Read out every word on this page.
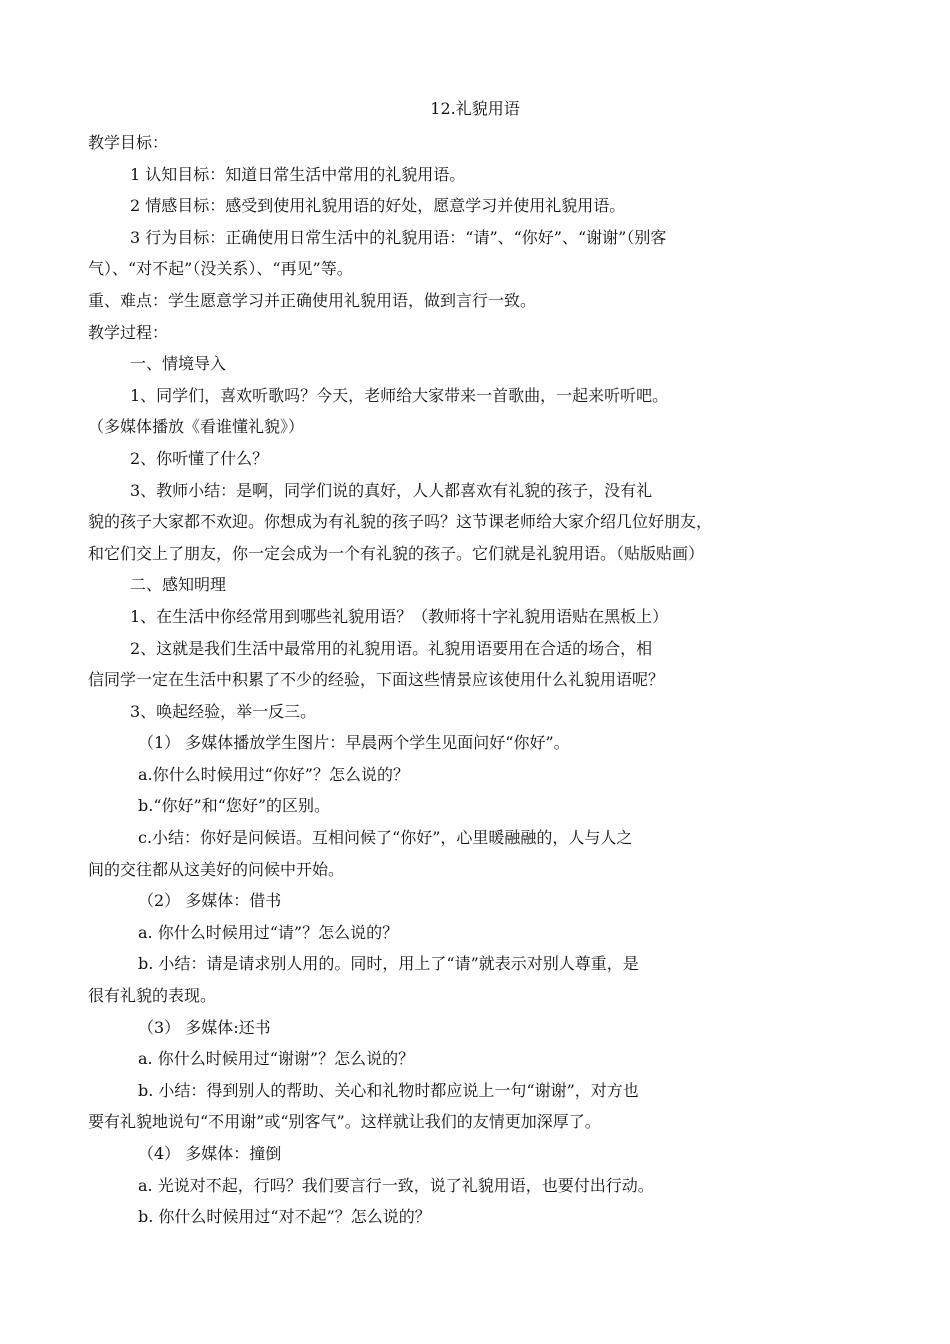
12.礼貌用语
教学目标：
1 认知目标：知道日常生活中常用的礼貌用语。
2 情感目标：感受到使用礼貌用语的好处，愿意学习并使用礼貌用语。
3 行为目标：正确使用日常生活中的礼貌用语：“请”、“你好”、“谢谢”（别客
气）、“对不起”（没关系）、“再见”等。
重、难点：学生愿意学习并正确使用礼貌用语，做到言行一致。
教学过程：
一、情境导入
1、同学们，喜欢听歌吗？今天，老师给大家带来一首歌曲，一起来听听吧。
（多媒体播放《看谁懂礼貌》）
2、你听懂了什么？
3、教师小结：是啊，同学们说的真好，人人都喜欢有礼貌的孩子，没有礼
貌的孩子大家都不欢迎。你想成为有礼貌的孩子吗？这节课老师给大家介绍几位好朋友，
和它们交上了朋友，你一定会成为一个有礼貌的孩子。它们就是礼貌用语。（贴版贴画）
二、感知明理
1、在生活中你经常用到哪些礼貌用语？（教师将十字礼貌用语贴在黑板上）
2、这就是我们生活中最常用的礼貌用语。礼貌用语要用在合适的场合，相
信同学一定在生活中积累了不少的经验，下面这些情景应该使用什么礼貌用语呢？
3、唤起经验，举一反三。
（1） 多媒体播放学生图片：早晨两个学生见面问好“你好”。
a.你什么时候用过“你好”？怎么说的？
b.“你好”和“您好”的区别。
c.小结：你好是问候语。互相问候了“你好”，心里暖融融的，人与人之
间的交往都从这美好的问候中开始。
（2） 多媒体：借书
a. 你什么时候用过“请”？怎么说的？
b. 小结：请是请求别人用的。同时，用上了“请”就表示对别人尊重，是
很有礼貌的表现。
（3） 多媒体:还书
a. 你什么时候用过“谢谢”？怎么说的？
b. 小结：得到别人的帮助、关心和礼物时都应说上一句“谢谢”，对方也
要有礼貌地说句“不用谢”或“别客气”。这样就让我们的友情更加深厚了。
（4） 多媒体：撞倒
a. 光说对不起，行吗？我们要言行一致，说了礼貌用语，也要付出行动。
b. 你什么时候用过“对不起”？怎么说的？
